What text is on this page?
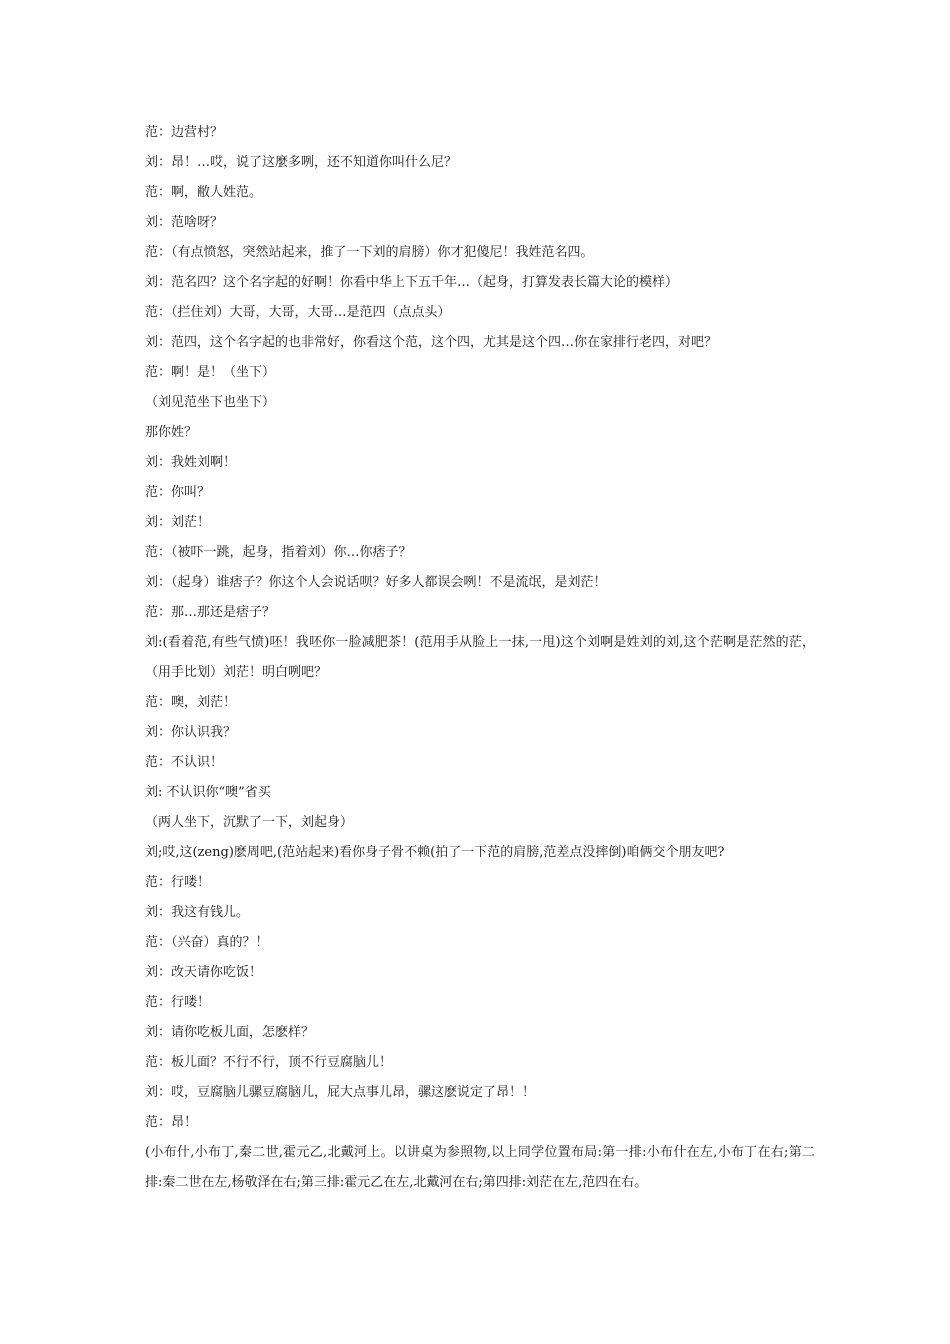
范：边营村？
刘：昂！…哎，说了这麼多咧，还不知道你叫什么尼？
范：啊，敝人姓范。
刘：范啥呀？
范：（有点愤怒，突然站起来，推了一下刘的肩膀）你才犯傻尼！我姓范名四。
刘：范名四？这个名字起的好啊！你看中华上下五千年…（起身，打算发表长篇大论的模样）
范：（拦住刘）大哥，大哥，大哥…是范四（点点头）
刘：范四，这个名字起的也非常好，你看这个范，这个四，尤其是这个四…你在家排行老四，对吧？
范：啊！是！（坐下）
（刘见范坐下也坐下）
那你姓？
刘：我姓刘啊！
范：你叫？
刘：刘茫！
范：（被吓一跳，起身，指着刘）你…你痞子？
刘：（起身）谁痞子？你这个人会说话呗？好多人都误会咧！不是流氓，是刘茫！
范：那…那还是痞子？
刘:(看着范,有些气愤)呸！我呸你一脸减肥茶！(范用手从脸上一抹,一甩)这个刘啊是姓刘的刘,这个茫啊是茫然的茫，（用手比划）刘茫！明白咧吧？
范：噢，刘茫！
刘：你认识我？
范：不认识！
刘: 不认识你“噢”省买
（两人坐下，沉默了一下，刘起身）
刘;哎,这(zeng)麽周吧,(范站起来)看你身子骨不赖(拍了一下范的肩膀,范差点没摔倒)咱俩交个朋友吧?
范：行喽！
刘：我这有钱儿。
范：（兴奋）真的？！
刘：改天请你吃饭！
范：行喽！
刘：请你吃板儿面，怎麽样？
范：板儿面？不行不行，顶不行豆腐脑儿！
刘：哎，豆腐脑儿骡豆腐脑儿，屁大点事儿昂，骡这麽说定了昂！！
范：昂！
(小布什,小布丁,秦二世,霍元乙,北戴河上。以讲桌为参照物,以上同学位置布局:第一排:小布什在左,小布丁在右;第二排:秦二世在左,杨敬泽在右;第三排:霍元乙在左,北戴河在右;第四排:刘茫在左,范四在右。
